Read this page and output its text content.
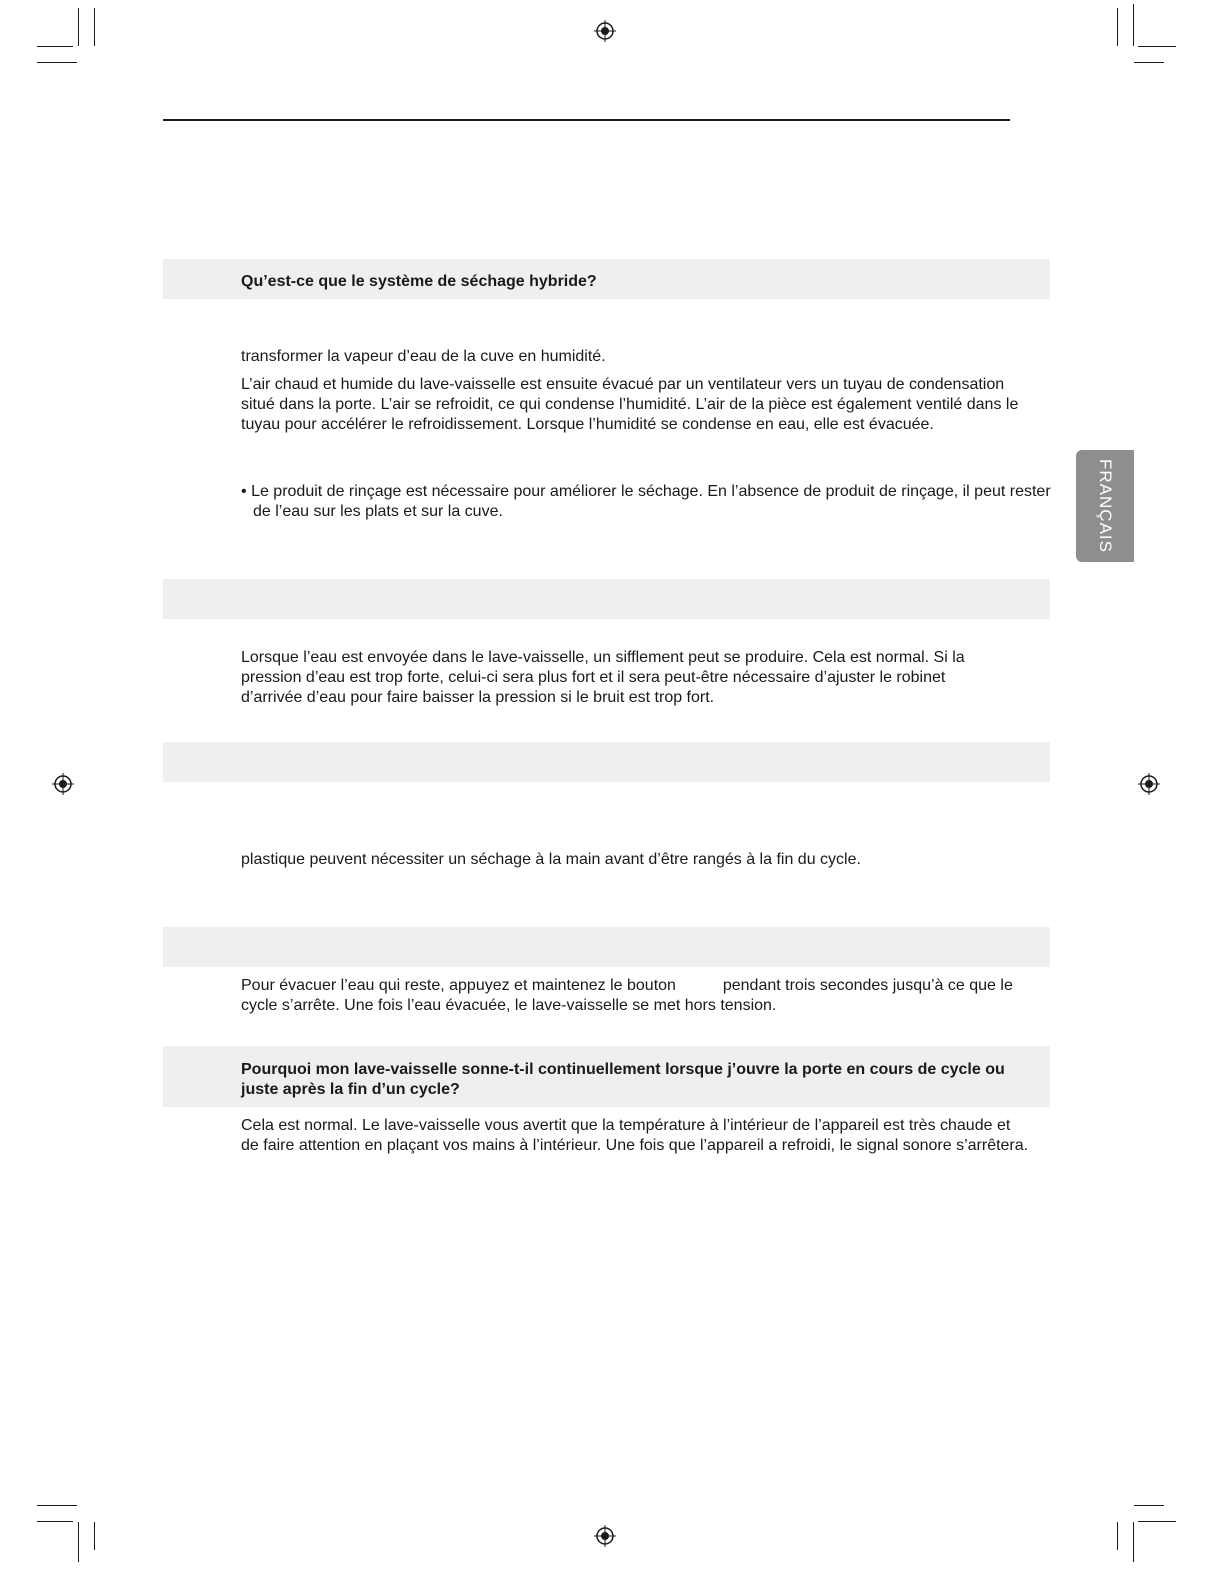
FRANÇAIS
Qu’est-ce que le système de séchage hybride?

transformer la vapeur d’eau de la cuve en humidité.

L’air chaud et humide du lave-vaisselle est ensuite évacué par un ventilateur vers un tuyau de condensation situé dans la porte. L’air se refroidit, ce qui condense l’humidité. L’air de la pièce est également ventilé dans le tuyau pour accélérer le refroidissement. Lorsque l’humidité se condense en eau, elle est évacuée.

• Le produit de rinçage est nécessaire pour améliorer le séchage. En l’absence de produit de rinçage, il peut rester de l’eau sur les plats et sur la cuve.

Lorsque l’eau est envoyée dans le lave-vaisselle, un sifflement peut se produire. Cela est normal. Si la pression d’eau est trop forte, celui-ci sera plus fort et il sera peut-être nécessaire d’ajuster le robinet d’arrivée d’eau pour faire baisser la pression si le bruit est trop fort.

plastique peuvent nécessiter un séchage à la main avant d’être rangés à la fin du cycle.

Pour évacuer l’eau qui reste, appuyez et maintenez le bouton	pendant trois secondes jusqu’à ce que le cycle s’arrête. Une fois l’eau évacuée, le lave-vaisselle se met hors tension.

Pourquoi mon lave-vaisselle sonne-t-il continuellement lorsque j’ouvre la porte en cours de cycle ou juste après la fin d’un cycle?

Cela est normal. Le lave-vaisselle vous avertit que la température à l’intérieur de l’appareil est très chaude et de faire attention en plaçant vos mains à l’intérieur. Une fois que l’appareil a refroidi, le signal sonore s’arrêtera.
